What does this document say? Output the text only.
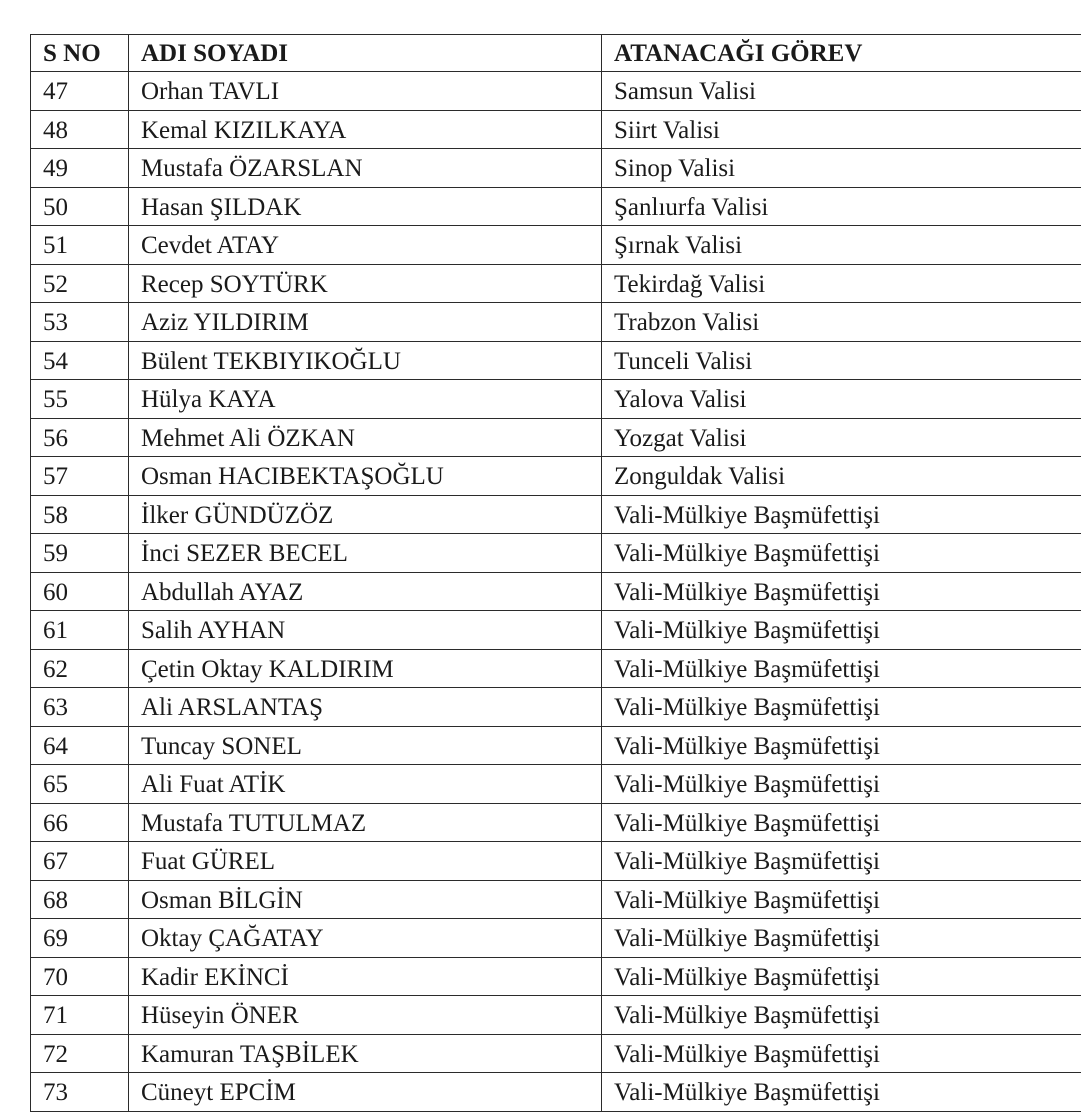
S NO	ADI SOYADI	ATANACAĞI GÖREV
47	Orhan TAVLI	Samsun Valisi
48	Kemal KIZILKAYA	Siirt Valisi
49	Mustafa ÖZARSLAN	Sinop Valisi
50	Hasan ŞILDAK	Şanlıurfa Valisi
51	Cevdet ATAY	Şırnak Valisi
52	Recep SOYTÜRK	Tekirdağ Valisi
53	Aziz YILDIRIM	Trabzon Valisi
54	Bülent TEKBIYIKOĞLU	Tunceli Valisi
55	Hülya KAYA	Yalova Valisi
56	Mehmet Ali ÖZKAN	Yozgat Valisi
57	Osman HACIBEKTAŞOĞLU	Zonguldak Valisi
58	İlker GÜNDÜZÖZ	Vali-Mülkiye Başmüfettişi
59	İnci SEZER BECEL	Vali-Mülkiye Başmüfettişi
60	Abdullah AYAZ	Vali-Mülkiye Başmüfettişi
61	Salih AYHAN	Vali-Mülkiye Başmüfettişi
62	Çetin Oktay KALDIRIM	Vali-Mülkiye Başmüfettişi
63	Ali ARSLANTAŞ	Vali-Mülkiye Başmüfettişi
64	Tuncay SONEL	Vali-Mülkiye Başmüfettişi
65	Ali Fuat ATİK	Vali-Mülkiye Başmüfettişi
66	Mustafa TUTULMAZ	Vali-Mülkiye Başmüfettişi
67	Fuat GÜREL	Vali-Mülkiye Başmüfettişi
68	Osman BİLGİN	Vali-Mülkiye Başmüfettişi
69	Oktay ÇAĞATAY	Vali-Mülkiye Başmüfettişi
70	Kadir EKİNCİ	Vali-Mülkiye Başmüfettişi
71	Hüseyin ÖNER	Vali-Mülkiye Başmüfettişi
72	Kamuran TAŞBİLEK	Vali-Mülkiye Başmüfettişi
73	Cüneyt EPCİM	Vali-Mülkiye Başmüfettişi
